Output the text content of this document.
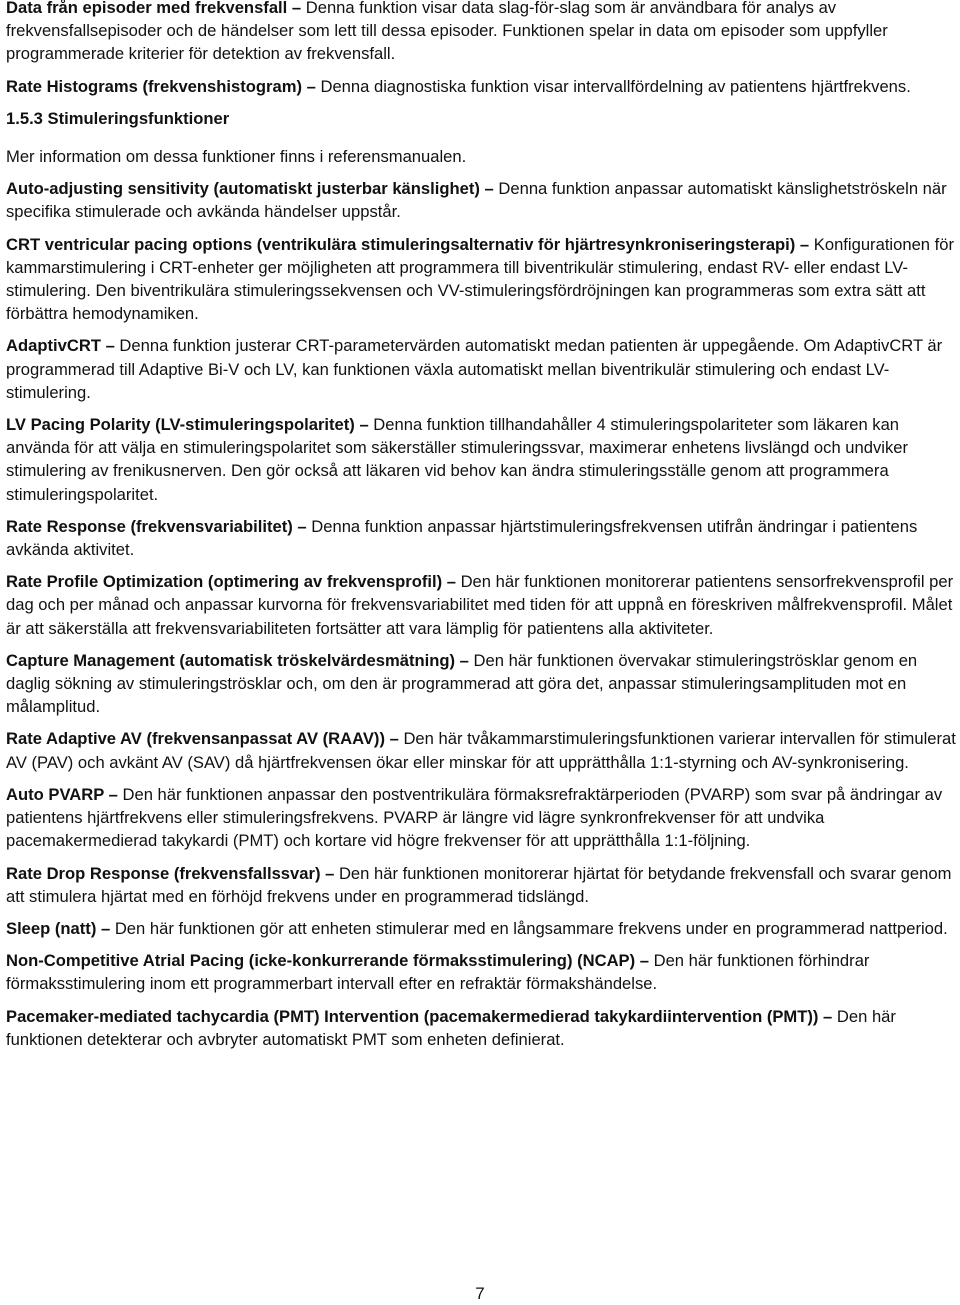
Data från episoder med frekvensfall – Denna funktion visar data slag-för-slag som är användbara för analys av frekvensfallsepisoder och de händelser som lett till dessa episoder. Funktionen spelar in data om episoder som uppfyller programmerade kriterier för detektion av frekvensfall.

Rate Histograms (frekvenshistogram) – Denna diagnostiska funktion visar intervallfördelning av patientens hjärtfrekvens.

1.5.3 Stimuleringsfunktioner

Mer information om dessa funktioner finns i referensmanualen.

Auto-adjusting sensitivity (automatiskt justerbar känslighet) – Denna funktion anpassar automatiskt känslighetströskeln när specifika stimulerade och avkända händelser uppstår.

CRT ventricular pacing options (ventrikulära stimuleringsalternativ för hjärtresynkroniseringsterapi) – Konfigurationen för kammarstimulering i CRT-enheter ger möjligheten att programmera till biventrikulär stimulering, endast RV- eller endast LV-stimulering. Den biventrikulära stimuleringssekvensen och VV-stimuleringsfördröjningen kan programmeras som extra sätt att förbättra hemodynamiken.

AdaptivCRT – Denna funktion justerar CRT-parametervärden automatiskt medan patienten är uppegående. Om AdaptivCRT är programmerad till Adaptive Bi-V och LV, kan funktionen växla automatiskt mellan biventrikulär stimulering och endast LV-stimulering.

LV Pacing Polarity (LV-stimuleringspolaritet) – Denna funktion tillhandahåller 4 stimuleringspolariteter som läkaren kan använda för att välja en stimuleringspolaritet som säkerställer stimuleringssvar, maximerar enhetens livslängd och undviker stimulering av frenikusnerven. Den gör också att läkaren vid behov kan ändra stimuleringsställe genom att programmera stimuleringspolaritet.

Rate Response (frekvensvariabilitet) – Denna funktion anpassar hjärtstimuleringsfrekvensen utifrån ändringar i patientens avkända aktivitet.

Rate Profile Optimization (optimering av frekvensprofil) – Den här funktionen monitorerar patientens sensorfrekvensprofil per dag och per månad och anpassar kurvorna för frekvensvariabilitet med tiden för att uppnå en föreskriven målfrekvensprofil. Målet är att säkerställa att frekvensvariabiliteten fortsätter att vara lämplig för patientens alla aktiviteter.

Capture Management (automatisk tröskelvärdesmätning) – Den här funktionen övervakar stimuleringströsklar genom en daglig sökning av stimuleringströsklar och, om den är programmerad att göra det, anpassar stimuleringsamplituden mot en målamplitud.

Rate Adaptive AV (frekvensanpassat AV (RAAV)) – Den här tvåkammarstimuleringsfunktionen varierar intervallen för stimulerat AV (PAV) och avkänt AV (SAV) då hjärtfrekvensen ökar eller minskar för att upprätthålla 1:1-styrning och AV-synkronisering.

Auto PVARP – Den här funktionen anpassar den postventrikulära förmaksrefraktärperioden (PVARP) som svar på ändringar av patientens hjärtfrekvens eller stimuleringsfrekvens. PVARP är längre vid lägre synkronfrekvenser för att undvika pacemakermedierad takykardi (PMT) och kortare vid högre frekvenser för att upprätthålla 1:1-följning.

Rate Drop Response (frekvensfallssvar) – Den här funktionen monitorerar hjärtat för betydande frekvensfall och svarar genom att stimulera hjärtat med en förhöjd frekvens under en programmerad tidslängd.

Sleep (natt) – Den här funktionen gör att enheten stimulerar med en långsammare frekvens under en programmerad nattperiod.

Non-Competitive Atrial Pacing (icke-konkurrerande förmaksstimulering) (NCAP) – Den här funktionen förhindrar förmaksstimulering inom ett programmerbart intervall efter en refraktär förmakshändelse.

Pacemaker-mediated tachycardia (PMT) Intervention (pacemakermedierad takykardiintervention (PMT)) – Den här funktionen detekterar och avbryter automatiskt PMT som enheten definierat.

7
